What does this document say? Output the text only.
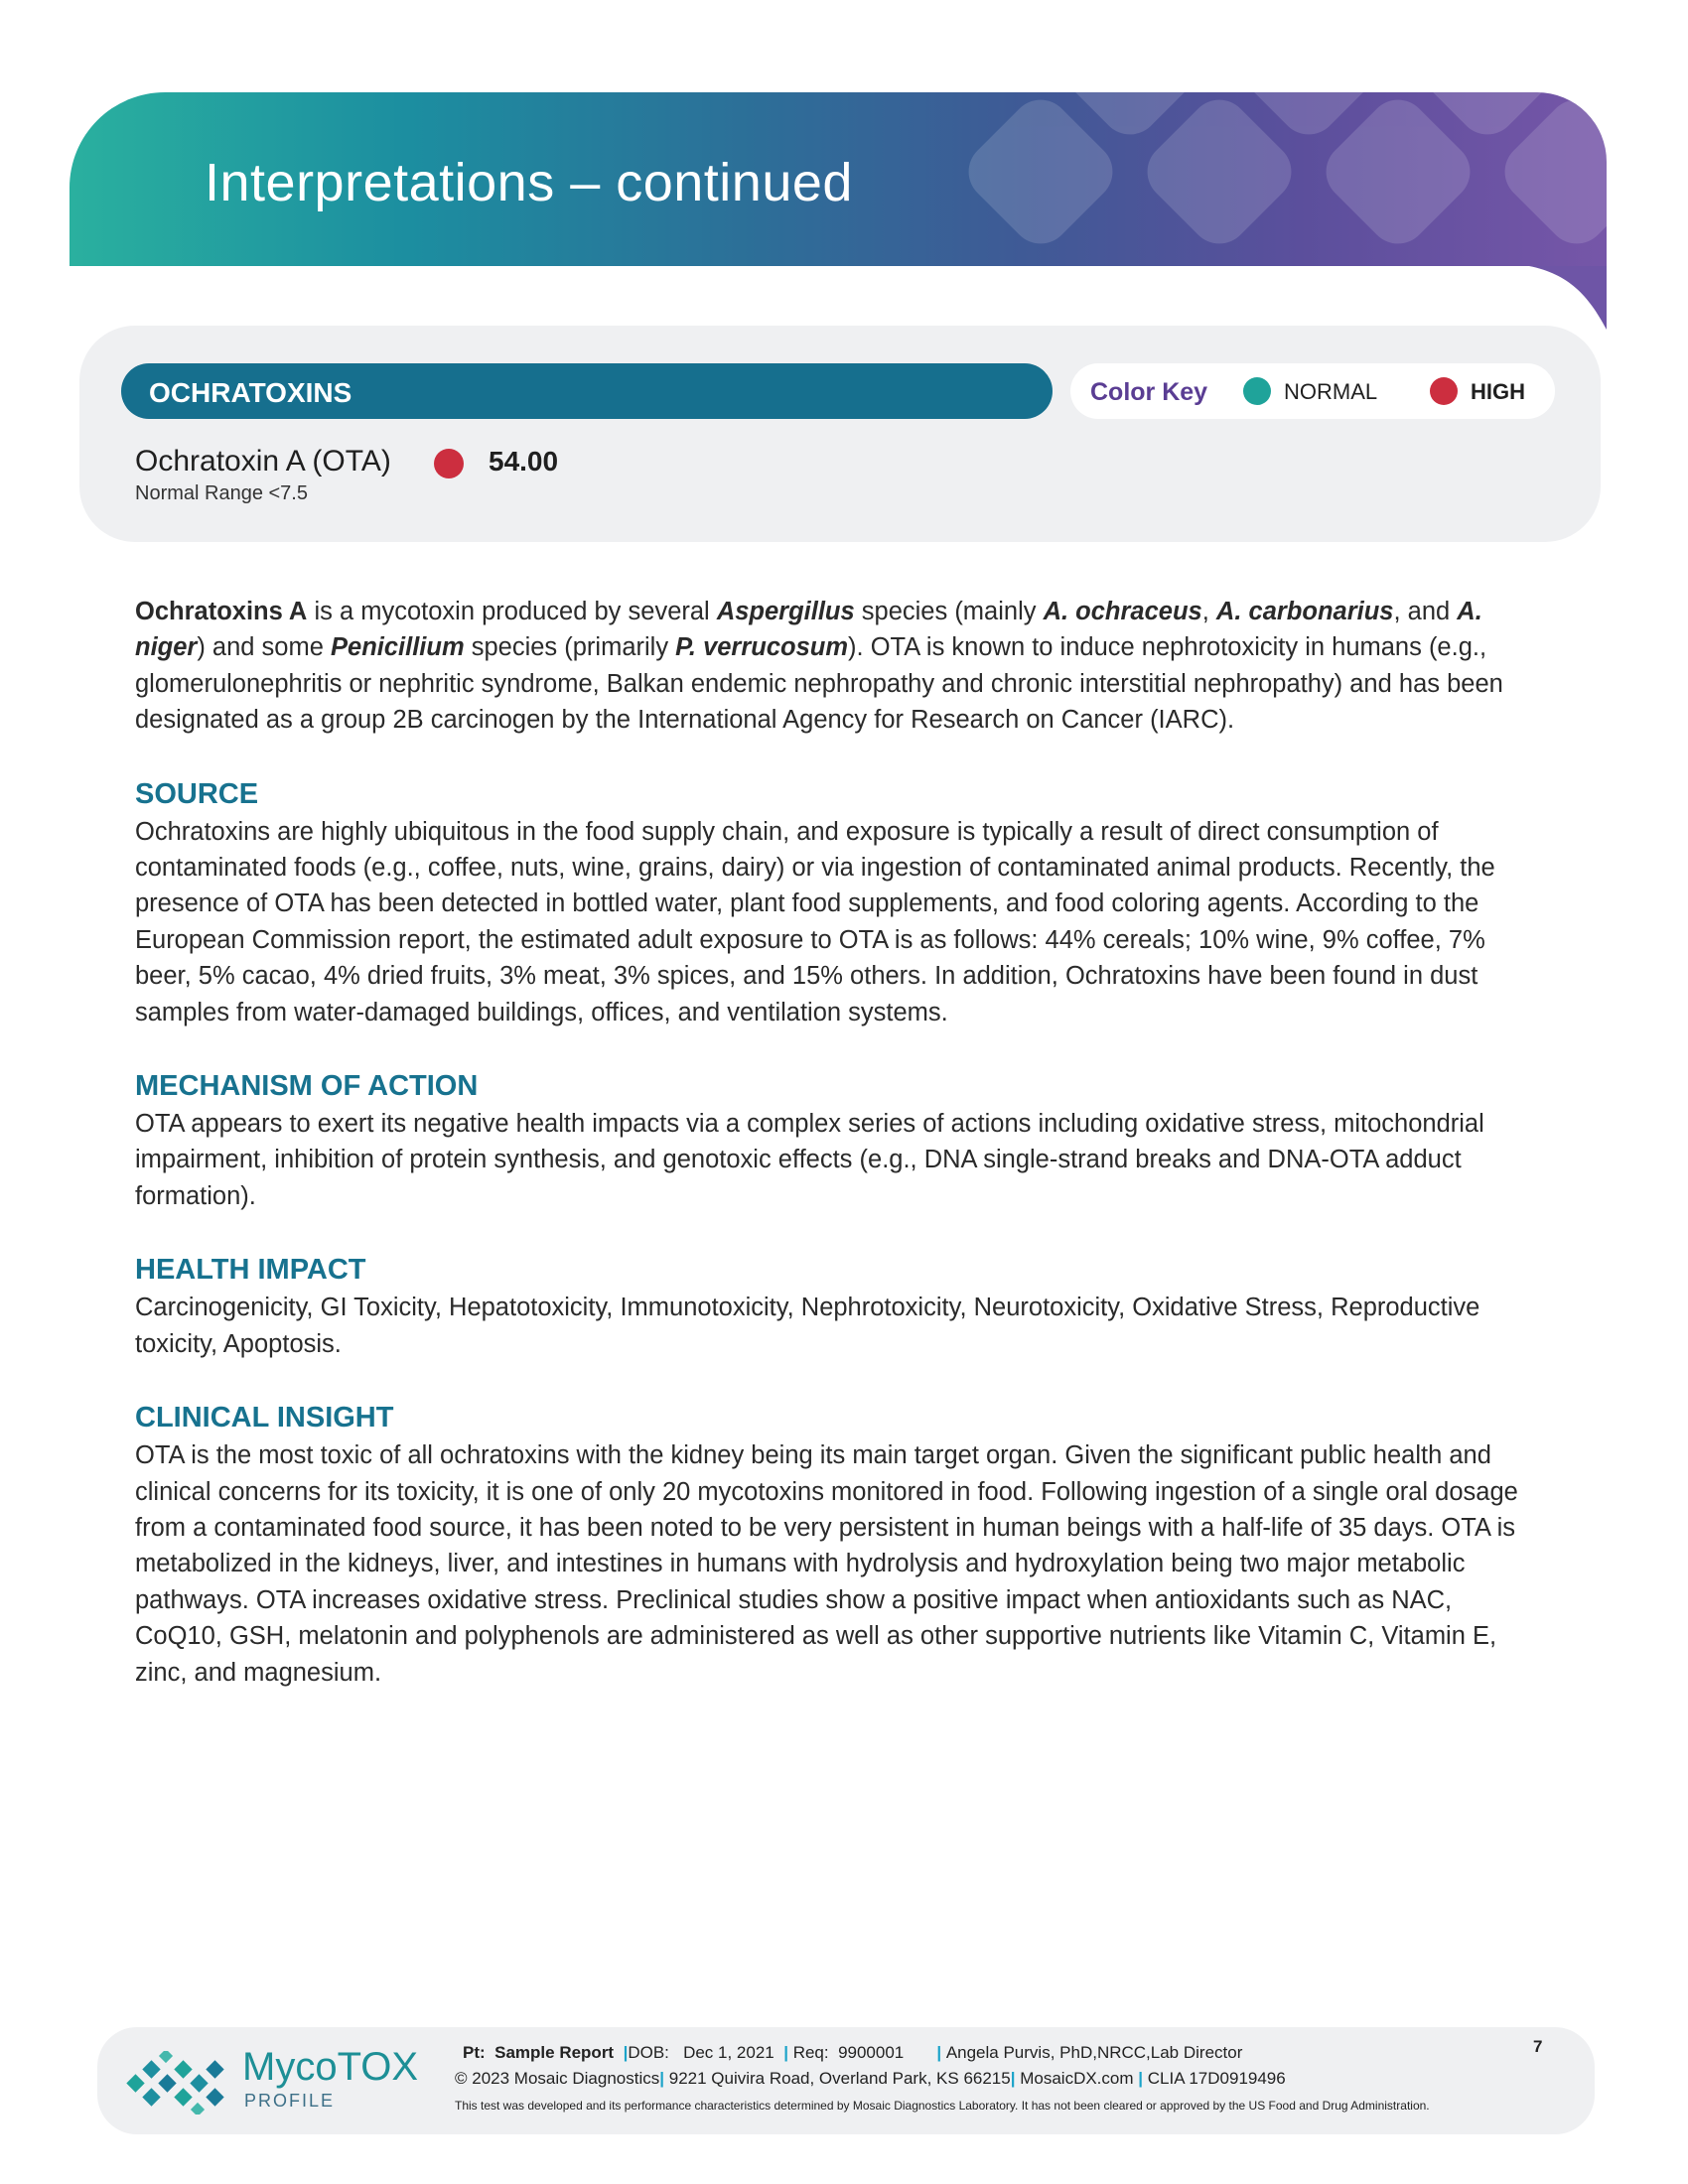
Interpretations – continued
OCHRATOXINS	Color Key	NORMAL	HIGH
Ochratoxin A (OTA)	54.00
Normal Range <7.5

Ochratoxins A is a mycotoxin produced by several Aspergillus species (mainly A. ochraceus, A. carbonarius, and A. niger) and some Penicillium species (primarily P. verrucosum). OTA is known to induce nephrotoxicity in humans (e.g., glomerulonephritis or nephritic syndrome, Balkan endemic nephropathy and chronic interstitial nephropathy) and has been designated as a group 2B carcinogen by the International Agency for Research on Cancer (IARC).

SOURCE

Ochratoxins are highly ubiquitous in the food supply chain, and exposure is typically a result of direct consumption of contaminated foods (e.g., coffee, nuts, wine, grains, dairy) or via ingestion of contaminated animal products. Recently, the presence of OTA has been detected in bottled water, plant food supplements, and food coloring agents. According to the European Commission report, the estimated adult exposure to OTA is as follows: 44% cereals; 10% wine, 9% coffee, 7% beer, 5% cacao, 4% dried fruits, 3% meat, 3% spices, and 15% others. In addition, Ochratoxins have been found in dust samples from water-damaged buildings, offices, and ventilation systems.

MECHANISM OF ACTION

OTA appears to exert its negative health impacts via a complex series of actions including oxidative stress, mitochondrial impairment, inhibition of protein synthesis, and genotoxic effects (e.g., DNA single-strand breaks and DNA-OTA adduct formation).

HEALTH IMPACT

Carcinogenicity, GI Toxicity, Hepatotoxicity, Immunotoxicity, Nephrotoxicity, Neurotoxicity, Oxidative Stress, Reproductive toxicity, Apoptosis.

CLINICAL INSIGHT

OTA is the most toxic of all ochratoxins with the kidney being its main target organ. Given the significant public health and clinical concerns for its toxicity, it is one of only 20 mycotoxins monitored in food. Following ingestion of a single oral dosage from a contaminated food source, it has been noted to be very persistent in human beings with a half-life of 35 days. OTA is metabolized in the kidneys, liver, and intestines in humans with hydrolysis and hydroxylation being two major metabolic pathways. OTA increases oxidative stress. Preclinical studies show a positive impact when antioxidants such as NAC, CoQ10, GSH, melatonin and polyphenols are administered as well as other supportive nutrients like Vitamin C, Vitamin E, zinc, and magnesium.

MycoTOX
PROFILE
Pt: Sample Report  |DOB: Dec 1, 2021  | Req: 9900001       | Angela Purvis, PhD,NRCC,Lab Director
© 2023 Mosaic Diagnostics| 9221 Quivira Road, Overland Park, KS 66215| MosaicDX.com | CLIA 17D0919496
This test was developed and its performance characteristics determined by Mosaic Diagnostics Laboratory. It has not been cleared or approved by the US Food and Drug Administration.
7
